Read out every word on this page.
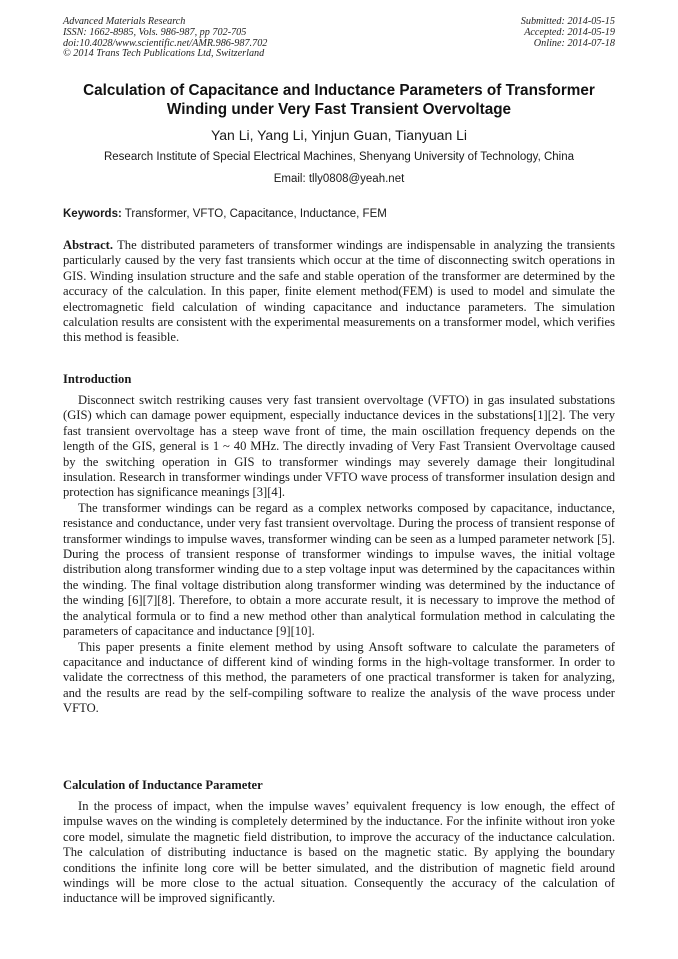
Advanced Materials Research
ISSN: 1662-8985, Vols. 986-987, pp 702-705
doi:10.4028/www.scientific.net/AMR.986-987.702
© 2014 Trans Tech Publications Ltd, Switzerland
Submitted: 2014-05-15
Accepted: 2014-05-19
Online: 2014-07-18
Calculation of Capacitance and Inductance Parameters of Transformer
Winding under Very Fast Transient Overvoltage
Yan Li, Yang Li, Yinjun Guan, Tianyuan Li
Research Institute of Special Electrical Machines, Shenyang University of Technology, China
Email: tlly0808@yeah.net
Keywords: Transformer, VFTO, Capacitance, Inductance, FEM
Abstract. The distributed parameters of transformer windings are indispensable in analyzing the transients particularly caused by the very fast transients which occur at the time of disconnecting switch operations in GIS. Winding insulation structure and the safe and stable operation of the transformer are determined by the accuracy of the calculation. In this paper, finite element method(FEM) is used to model and simulate the electromagnetic field calculation of winding capacitance and inductance parameters. The simulation calculation results are consistent with the experimental measurements on a transformer model, which verifies this method is feasible.
Introduction

Disconnect switch restriking causes very fast transient overvoltage (VFTO) in gas insulated substations (GIS) which can damage power equipment, especially inductance devices in the substations[1][2]. The very fast transient overvoltage has a steep wave front of time, the main oscillation frequency depends on the length of the GIS, general is 1 ~ 40 MHz. The directly invading of Very Fast Transient Overvoltage caused by the switching operation in GIS to transformer windings may severely damage their longitudinal insulation. Research in transformer windings under VFTO wave process of transformer insulation design and protection has significance meanings [3][4].

The transformer windings can be regard as a complex networks composed by capacitance, inductance, resistance and conductance, under very fast transient overvoltage. During the process of transient response of transformer windings to impulse waves, transformer winding can be seen as a lumped parameter network [5]. During the process of transient response of transformer windings to impulse waves, the initial voltage distribution along transformer winding due to a step voltage input was determined by the capacitances within the winding. The final voltage distribution along transformer winding was determined by the inductance of the winding [6][7][8]. Therefore, to obtain a more accurate result, it is necessary to improve the method of the analytical formula or to find a new method other than analytical formulation method in calculating the parameters of capacitance and inductance [9][10].

This paper presents a finite element method by using Ansoft software to calculate the parameters of capacitance and inductance of different kind of winding forms in the high-voltage transformer. In order to validate the correctness of this method, the parameters of one practical transformer is taken for analyzing, and the results are read by the self-compiling software to realize the analysis of the wave process under VFTO.

Calculation of Inductance Parameter

In the process of impact, when the impulse waves’ equivalent frequency is low enough, the effect of impulse waves on the winding is completely determined by the inductance. For the infinite without iron yoke core model, simulate the magnetic field distribution, to improve the accuracy of the inductance calculation. The calculation of distributing inductance is based on the magnetic static. By applying the boundary conditions the infinite long core will be better simulated, and the distribution of magnetic field around windings will be more close to the actual situation. Consequently the accuracy of the calculation of inductance will be improved significantly.
